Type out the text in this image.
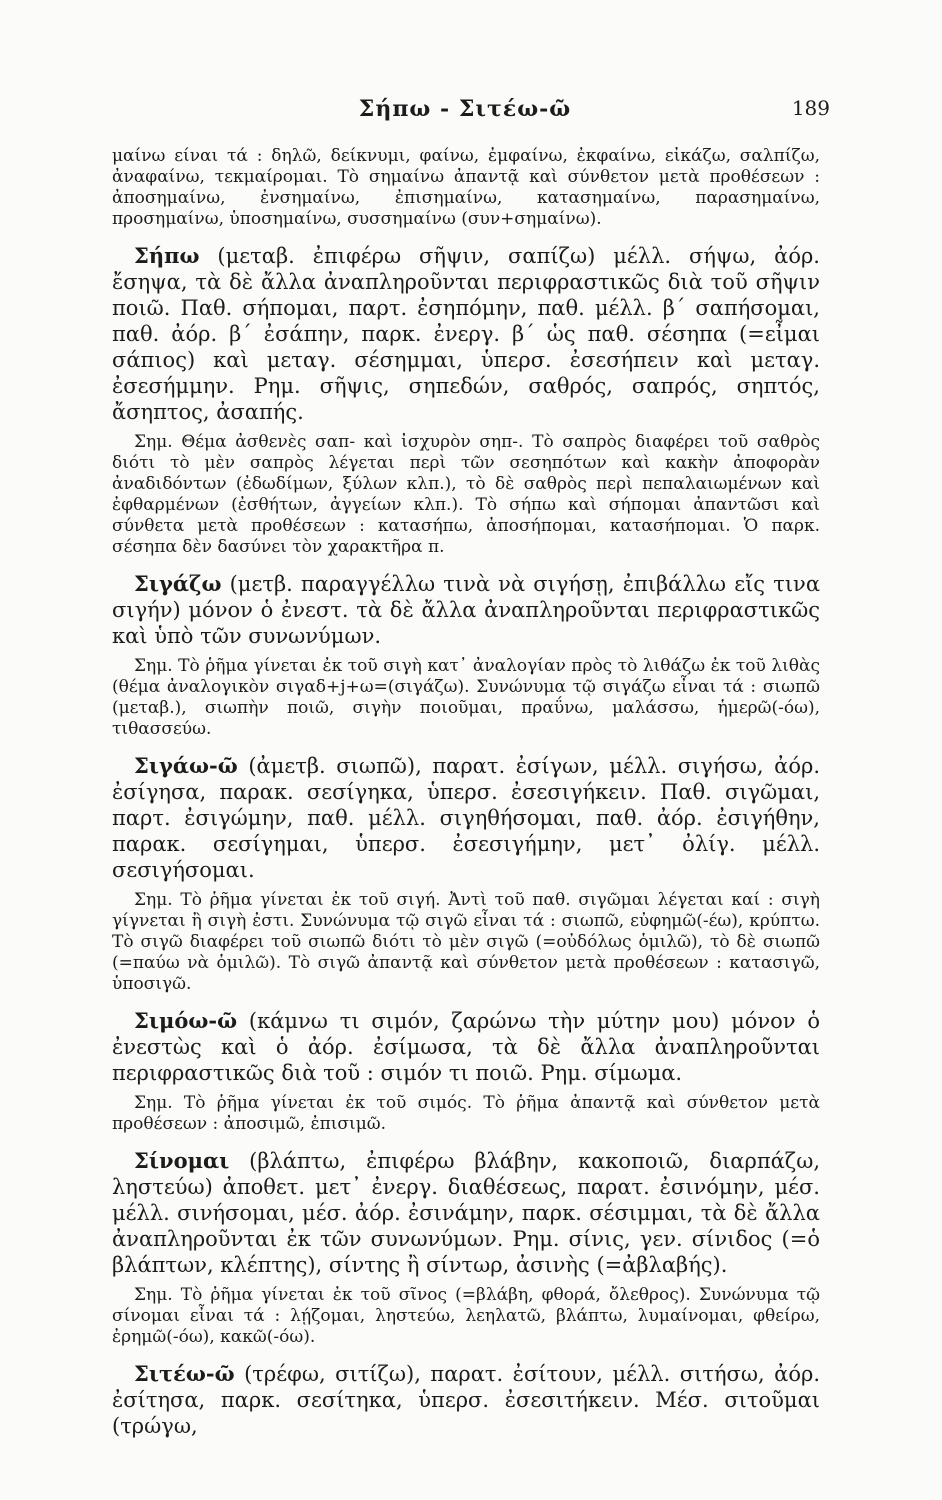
Σήπω - Σιτέω-ῶ	189

μαίνω είναι τά : δηλῶ, δείκνυμι, φαίνω, ἐμφαίνω, ἐκφαίνω, εἰκάζω, σαλπίζω, ἀναφαίνω, τεκμαίρομαι. Τὸ σημαίνω ἀπαντᾷ καὶ σύνθετον μετὰ προθέσεων : ἀποσημαίνω, ἐνσημαίνω, ἐπισημαίνω, κατασημαίνω, παρασημαίνω, προσημαίνω, ὑποσημαίνω, συσσημαίνω (συν+σημαίνω).

Σήπω (μεταβ. ἐπιφέρω σῆψιν, σαπίζω) μέλλ. σήψω, ἀόρ. ἔσηψα, τὰ δὲ ἄλλα ἀναπληροῦνται περιφραστικῶς διὰ τοῦ σῆψιν ποιῶ. Παθ. σήπομαι, παρτ. ἐσηπόμην, παθ. μέλλ. β΄ σαπήσομαι, παθ. ἀόρ. β΄ ἐσάπην, παρκ. ἐνεργ. β΄ ὡς παθ. σέσηπα (=εἶμαι σάπιος) καὶ μεταγ. σέσημμαι, ὑπερσ. ἐσεσήπειν καὶ μεταγ. ἐσεσήμμην. Ρημ. σῆψις, σηπεδών, σαθρός, σαπρός, σηπτός, ἄσηπτος, ἀσαπής.

Σημ. Θέμα ἀσθενὲς σαπ- καὶ ἰσχυρὸν σηπ-. Τὸ σαπρὸς διαφέρει τοῦ σαθρὸς διότι τὸ μὲν σαπρὸς λέγεται περὶ τῶν σεσηπότων καὶ κακὴν ἀποφορὰν ἀναδιδόντων (ἐδωδίμων, ξύλων κλπ.), τὸ δὲ σαθρὸς περὶ πεπαλαιωμένων καὶ ἐφθαρμένων (ἐσθήτων, ἀγγείων κλπ.). Τὸ σήπω καὶ σήπομαι ἀπαντῶσι καὶ σύνθετα μετὰ προθέσεων : κατασήπω, ἀποσήπομαι, κατασήπομαι. Ὁ παρκ. σέσηπα δὲν δασύνει τὸν χαρακτῆρα π.

Σιγάζω (μετβ. παραγγέλλω τινὰ νὰ σιγήσῃ, ἐπιβάλλω εἴς τινα σιγήν) μόνον ὁ ἐνεστ. τὰ δὲ ἄλλα ἀναπληροῦνται περιφραστικῶς καὶ ὑπὸ τῶν συνωνύμων.

Σημ. Τὸ ῥῆμα γίνεται ἐκ τοῦ σιγὴ κατ᾽ ἀναλογίαν πρὸς τὸ λιθάζω ἐκ τοῦ λιθὰς (θέμα ἀναλογικὸν σιγαδ+j+ω=(σιγάζω). Συνώνυμα τῷ σιγάζω εἶναι τά : σιωπῶ (μεταβ.), σιωπὴν ποιῶ, σιγὴν ποιοῦμαι, πραΰνω, μαλάσσω, ἡμερῶ(-όω), τιθασσεύω.

Σιγάω-ῶ (ἀμετβ. σιωπῶ), παρατ. ἐσίγων, μέλλ. σιγήσω, ἀόρ. ἐσίγησα, παρακ. σεσίγηκα, ὑπερσ. ἐσεσιγήκειν. Παθ. σιγῶμαι, παρτ. ἐσιγώμην, παθ. μέλλ. σιγηθήσομαι, παθ. ἀόρ. ἐσιγήθην, παρακ. σεσίγημαι, ὑπερσ. ἐσεσιγήμην, μετ᾽ ὀλίγ. μέλλ. σεσιγήσομαι.

Σημ. Τὸ ῥῆμα γίνεται ἐκ τοῦ σιγή. Ἀντὶ τοῦ παθ. σιγῶμαι λέγεται καί : σιγὴ γίγνεται ἢ σιγὴ ἐστι. Συνώνυμα τῷ σιγῶ εἶναι τά : σιωπῶ, εὐφημῶ(-έω), κρύπτω. Τὸ σιγῶ διαφέρει τοῦ σιωπῶ διότι τὸ μὲν σιγῶ (=οὐδόλως ὁμιλῶ), τὸ δὲ σιωπῶ (=παύω νὰ ὁμιλῶ). Τὸ σιγῶ ἀπαντᾷ καὶ σύνθετον μετὰ προθέσεων : κατασιγῶ, ὑποσιγῶ.

Σιμόω-ῶ (κάμνω τι σιμόν, ζαρώνω τὴν μύτην μου) μόνον ὁ ἐνεστὼς καὶ ὁ ἀόρ. ἐσίμωσα, τὰ δὲ ἄλλα ἀναπληροῦνται περιφραστικῶς διὰ τοῦ : σιμόν τι ποιῶ. Ρημ. σίμωμα.

Σημ. Τὸ ῥῆμα γίνεται ἐκ τοῦ σιμός. Τὸ ῥῆμα ἀπαντᾷ καὶ σύνθετον μετὰ προθέσεων : ἀποσιμῶ, ἐπισιμῶ.

Σίνομαι (βλάπτω, ἐπιφέρω βλάβην, κακοποιῶ, διαρπάζω, ληστεύω) ἀποθετ. μετ᾽ ἐνεργ. διαθέσεως, παρατ. ἐσινόμην, μέσ. μέλλ. σινήσομαι, μέσ. ἀόρ. ἐσινάμην, παρκ. σέσιμμαι, τὰ δὲ ἄλλα ἀναπληροῦνται ἐκ τῶν συνωνύμων. Ρημ. σίνις, γεν. σίνιδος (=ὁ βλάπτων, κλέπτης), σίντης ἢ σίντωρ, ἀσινὴς (=ἀβλαβής).

Σημ. Τὸ ῥῆμα γίνεται ἐκ τοῦ σῖνος (=βλάβη, φθορά, ὄλεθρος). Συνώνυμα τῷ σίνομαι εἶναι τά : λῄζομαι, ληστεύω, λεηλατῶ, βλάπτω, λυμαίνομαι, φθείρω, ἐρημῶ(-όω), κακῶ(-όω).

Σιτέω-ῶ (τρέφω, σιτίζω), παρατ. ἐσίτουν, μέλλ. σιτήσω, ἀόρ. ἐσίτησα, παρκ. σεσίτηκα, ὑπερσ. ἐσεσιτήκειν. Μέσ. σιτοῦμαι (τρώγω,
